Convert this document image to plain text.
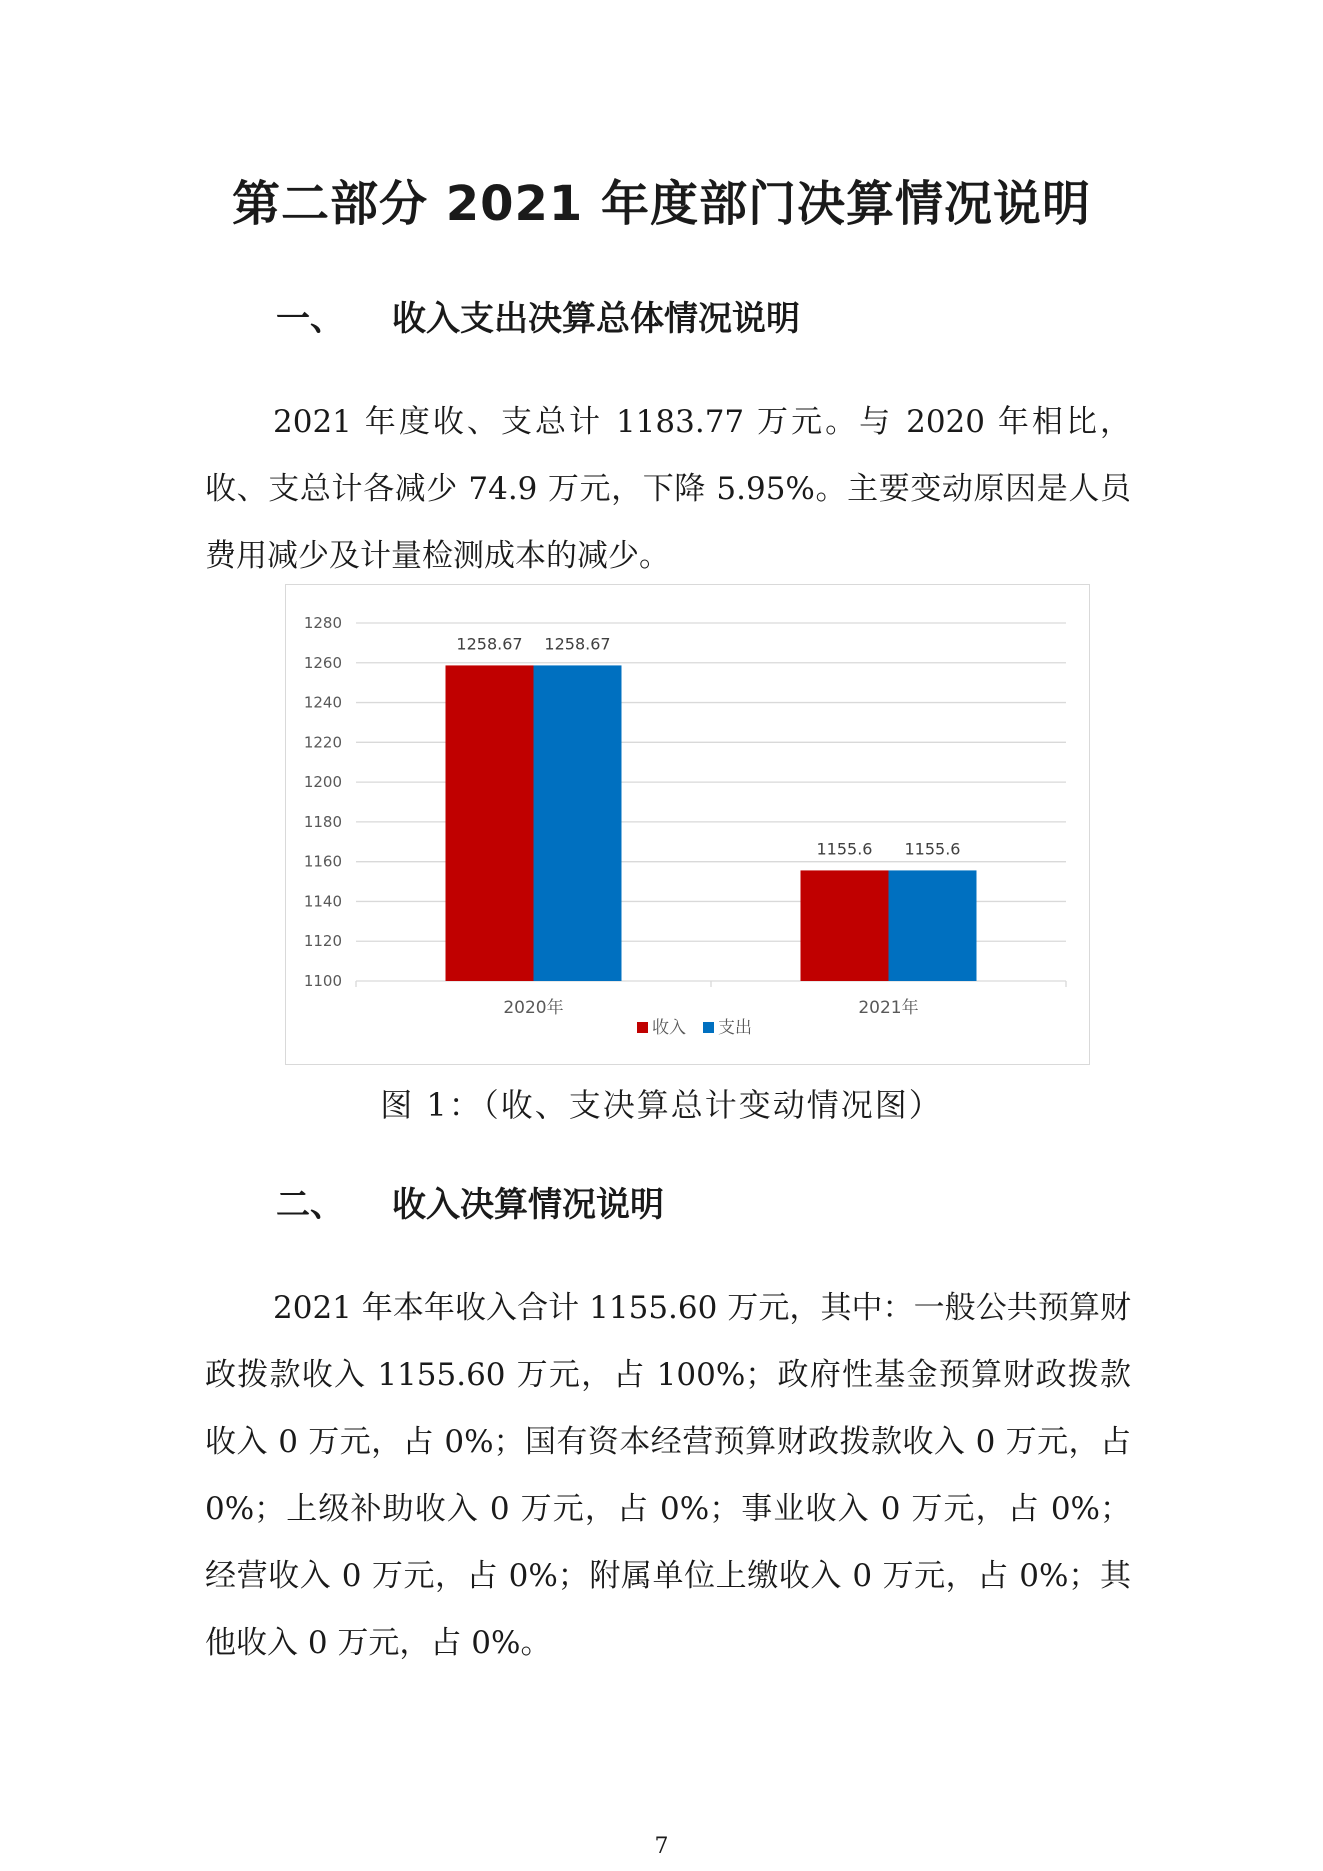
第二部分 2021 年度部门决算情况说明
一、 收入支出决算总体情况说明

2021 年度收、支总计 1183.77 万元。与 2020 年相比，收、支总计各减少 74.9 万元，下降 5.95%。主要变动原因是人员费用减少及计量检测成本的减少。

1100
1120
1140
1160
1180
1200
1220
1240
1260
1280
1258.67 1258.67
2020年
1155.6 1155.6
2021年
收入 支出

图 1：（收、支决算总计变动情况图）

二、 收入决算情况说明

2021 年本年收入合计 1155.60 万元，其中：一般公共预算财政拨款收入 1155.60 万元，占 100%；政府性基金预算财政拨款收入 0 万元，占 0%；国有资本经营预算财政拨款收入 0 万元，占 0%；上级补助收入 0 万元，占 0%；事业收入 0 万元，占 0%；经营收入 0 万元，占 0%；附属单位上缴收入 0 万元，占 0%；其他收入 0 万元，占 0%。

7
